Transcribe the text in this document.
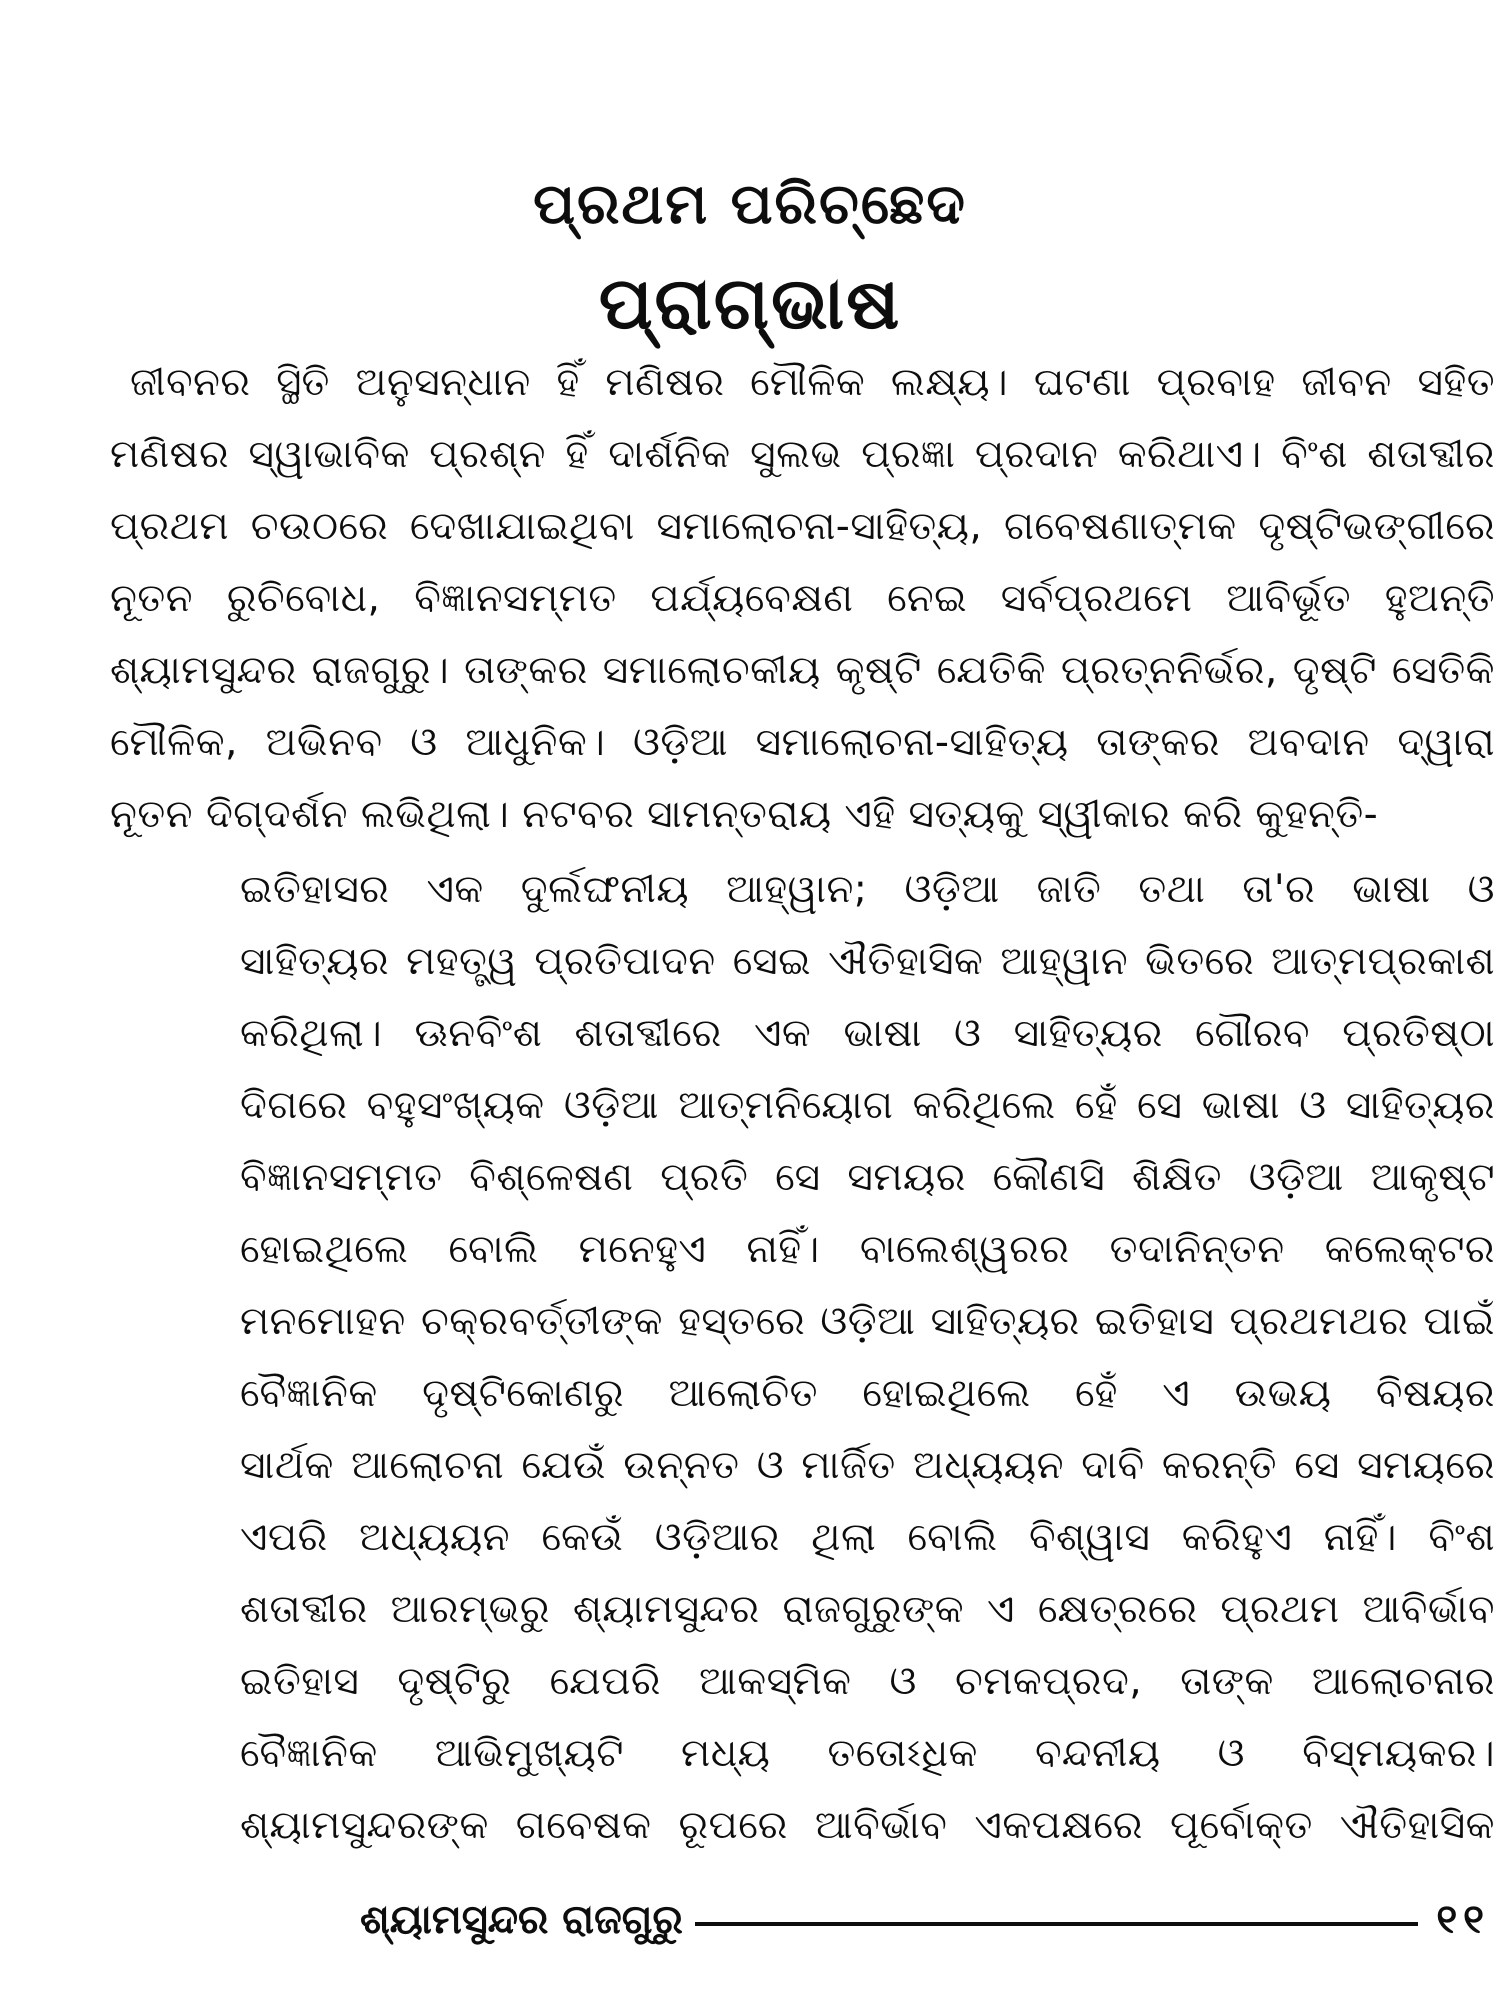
ପ୍ରଥମ ପରିଚ୍ଛେଦ
ପ୍ରାଗ୍‌ଭାଷ
ଜୀବନର ସ୍ଥିତି ଅନୁସନ୍ଧାନ ହିଁ ମଣିଷର ମୌଳିକ ଲକ୍ଷ୍ୟ। ଘଟଣା ପ୍ରବାହ ଜୀବନ ସହିତ
ମଣିଷର ସ୍ୱାଭାବିକ ପ୍ରଶ୍ନ ହିଁ ଦାର୍ଶନିକ ସୁଲଭ ପ୍ରଜ୍ଞା ପ୍ରଦାନ କରିଥାଏ। ବିଂଶ ଶତାବ୍ଦୀର
ପ୍ରଥମ ଚଉଠରେ ଦେଖାଯାଇଥିବା ସମାଲୋଚନା-ସାହିତ୍ୟ, ଗବେଷଣାତ୍ମକ ଦୃଷ୍ଟିଭଙ୍ଗୀରେ
ନୂତନ ରୁଚିବୋଧ, ବିଜ୍ଞାନସମ୍ମତ ପର୍ଯ୍ୟବେକ୍ଷଣ ନେଇ ସର୍ବପ୍ରଥମେ ଆବିର୍ଭୂତ ହୁଅନ୍ତି
ଶ୍ୟାମସୁନ୍ଦର ରାଜଗୁରୁ। ତାଙ୍କର ସମାଲୋଚକୀୟ କୃଷ୍ଟି ଯେତିକି ପ୍ରତ୍ନନିର୍ଭର, ଦୃଷ୍ଟି ସେତିକି
ମୌଳିକ, ଅଭିନବ ଓ ଆଧୁନିକ। ଓଡ଼ିଆ ସମାଲୋଚନା-ସାହିତ୍ୟ ତାଙ୍କର ଅବଦାନ ଦ୍ୱାରା
ନୂତନ ଦିଗ୍‌ଦର୍ଶନ ଲଭିଥିଲା। ନଟବର ସାମନ୍ତରାୟ ଏହି ସତ୍ୟକୁ ସ୍ୱୀକାର କରି କୁହନ୍ତି-
ଇତିହାସର ଏକ ଦୁର୍ଲଙ୍ଘନୀୟ ଆହ୍ୱାନ; ଓଡ଼ିଆ ଜାତି ତଥା ତା'ର ଭାଷା ଓ
ସାହିତ୍ୟର ମହତ୍ତ୍ୱ ପ୍ରତିପାଦନ ସେଇ ଐତିହାସିକ ଆହ୍ୱାନ ଭିତରେ ଆତ୍ମପ୍ରକାଶ
କରିଥିଲା। ଊନବିଂଶ ଶତାବ୍ଦୀରେ ଏକ ଭାଷା ଓ ସାହିତ୍ୟର ଗୌରବ ପ୍ରତିଷ୍ଠା
ଦିଗରେ ବହୁସଂଖ୍ୟକ ଓଡ଼ିଆ ଆତ୍ମନିୟୋଗ କରିଥିଲେ ହେଁ ସେ ଭାଷା ଓ ସାହିତ୍ୟର
ବିଜ୍ଞାନସମ୍ମତ ବିଶ୍ଳେଷଣ ପ୍ରତି ସେ ସମୟର କୌଣସି ଶିକ୍ଷିତ ଓଡ଼ିଆ ଆକୃଷ୍ଟ
ହୋଇଥିଲେ ବୋଲି ମନେହୁଏ ନାହିଁ। ବାଲେଶ୍ୱରର ତଦାନିନ୍ତନ କଲେକ୍ଟର
ମନମୋହନ ଚକ୍ରବର୍ତ୍ତୀଙ୍କ ହସ୍ତରେ ଓଡ଼ିଆ ସାହିତ୍ୟର ଇତିହାସ ପ୍ରଥମଥର ପାଇଁ
ବୈଜ୍ଞାନିକ ଦୃଷ୍ଟିକୋଣରୁ ଆଲୋଚିତ ହୋଇଥିଲେ ହେଁ ଏ ଉଭୟ ବିଷୟର
ସାର୍ଥକ ଆଲୋଚନା ଯେଉଁ ଉନ୍ନତ ଓ ମାର୍ଜିତ ଅଧ୍ୟୟନ ଦାବି କରନ୍ତି ସେ ସମୟରେ
ଏପରି ଅଧ୍ୟୟନ କେଉଁ ଓଡ଼ିଆର ଥିଲା ବୋଲି ବିଶ୍ୱାସ କରିହୁଏ ନାହିଁ। ବିଂଶ
ଶତାବ୍ଦୀର ଆରମ୍ଭରୁ ଶ୍ୟାମସୁନ୍ଦର ରାଜଗୁରୁଙ୍କ ଏ କ୍ଷେତ୍ରରେ ପ୍ରଥମ ଆବିର୍ଭାବ
ଇତିହାସ ଦୃଷ୍ଟିରୁ ଯେପରି ଆକସ୍ମିକ ଓ ଚମକପ୍ରଦ, ତାଙ୍କ ଆଲୋଚନାର
ବୈଜ୍ଞାନିକ ଆଭିମୁଖ୍ୟଟି ମଧ୍ୟ ତତୋଽଧିକ ବନ୍ଦନୀୟ ଓ ବିସ୍ମୟକର।
ଶ୍ୟାମସୁନ୍ଦରଙ୍କ ଗବେଷକ ରୂପରେ ଆବିର୍ଭାବ ଏକପକ୍ଷରେ ପୂର୍ବୋକ୍ତ ଐତିହାସିକ
ଶ୍ୟାମସୁନ୍ଦର ରାଜଗୁରୁ	୧୧
